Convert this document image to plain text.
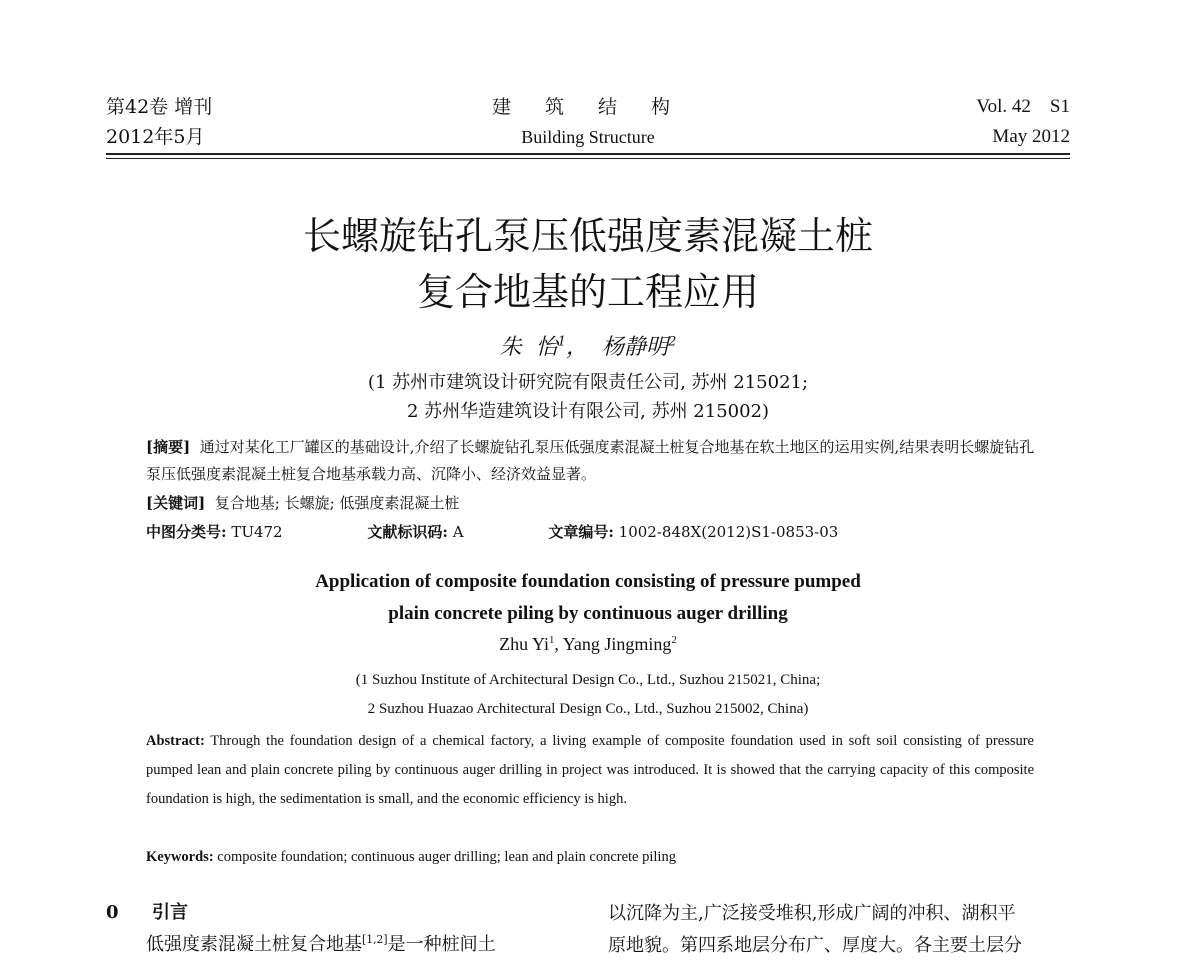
第42卷 增刊
2012年5月
建 筑 结 构
Building Structure
Vol. 42    S1
May 2012
长螺旋钻孔泵压低强度素混凝土桩
复合地基的工程应用
朱  怡$^1$，  杨静明$^2$
(1 苏州市建筑设计研究院有限责任公司, 苏州 215021;
2 苏州华造建筑设计有限公司, 苏州 215002)
[摘要] 通过对某化工厂罐区的基础设计,介绍了长螺旋钻孔泵压低强度素混凝土桩复合地基在软土地区的运用实例,结果表明长螺旋钻孔泵压低强度素混凝土桩复合地基承载力高、沉降小、经济效益显著。
[关键词] 复合地基; 长螺旋; 低强度素混凝土桩
中图分类号: TU472	文献标识码: A	文章编号: 1002-848X(2012)S1-0853-03
Application of composite foundation consisting of pressure pumped
plain concrete piling by continuous auger drilling
Zhu Yi$^1$, Yang Jingming$^2$
(1 Suzhou Institute of Architectural Design Co., Ltd., Suzhou 215021, China;
2 Suzhou Huazao Architectural Design Co., Ltd., Suzhou 215002, China)
Abstract: Through the foundation design of a chemical factory, a living example of composite foundation used in soft soil consisting of pressure pumped lean and plain concrete piling by continuous auger drilling in project was introduced. It is showed that the carrying capacity of this composite foundation is high, the sedimentation is small, and the economic efficiency is high.
Keywords: composite foundation; continuous auger drilling; lean and plain concrete piling
0 引言
低强度素混凝土桩复合地基[1,2]是一种桩间土
以沉降为主,广泛接受堆积,形成广阔的冲积、湖积平
原地貌。第四系地层分布广、厚度大。各主要土层分
